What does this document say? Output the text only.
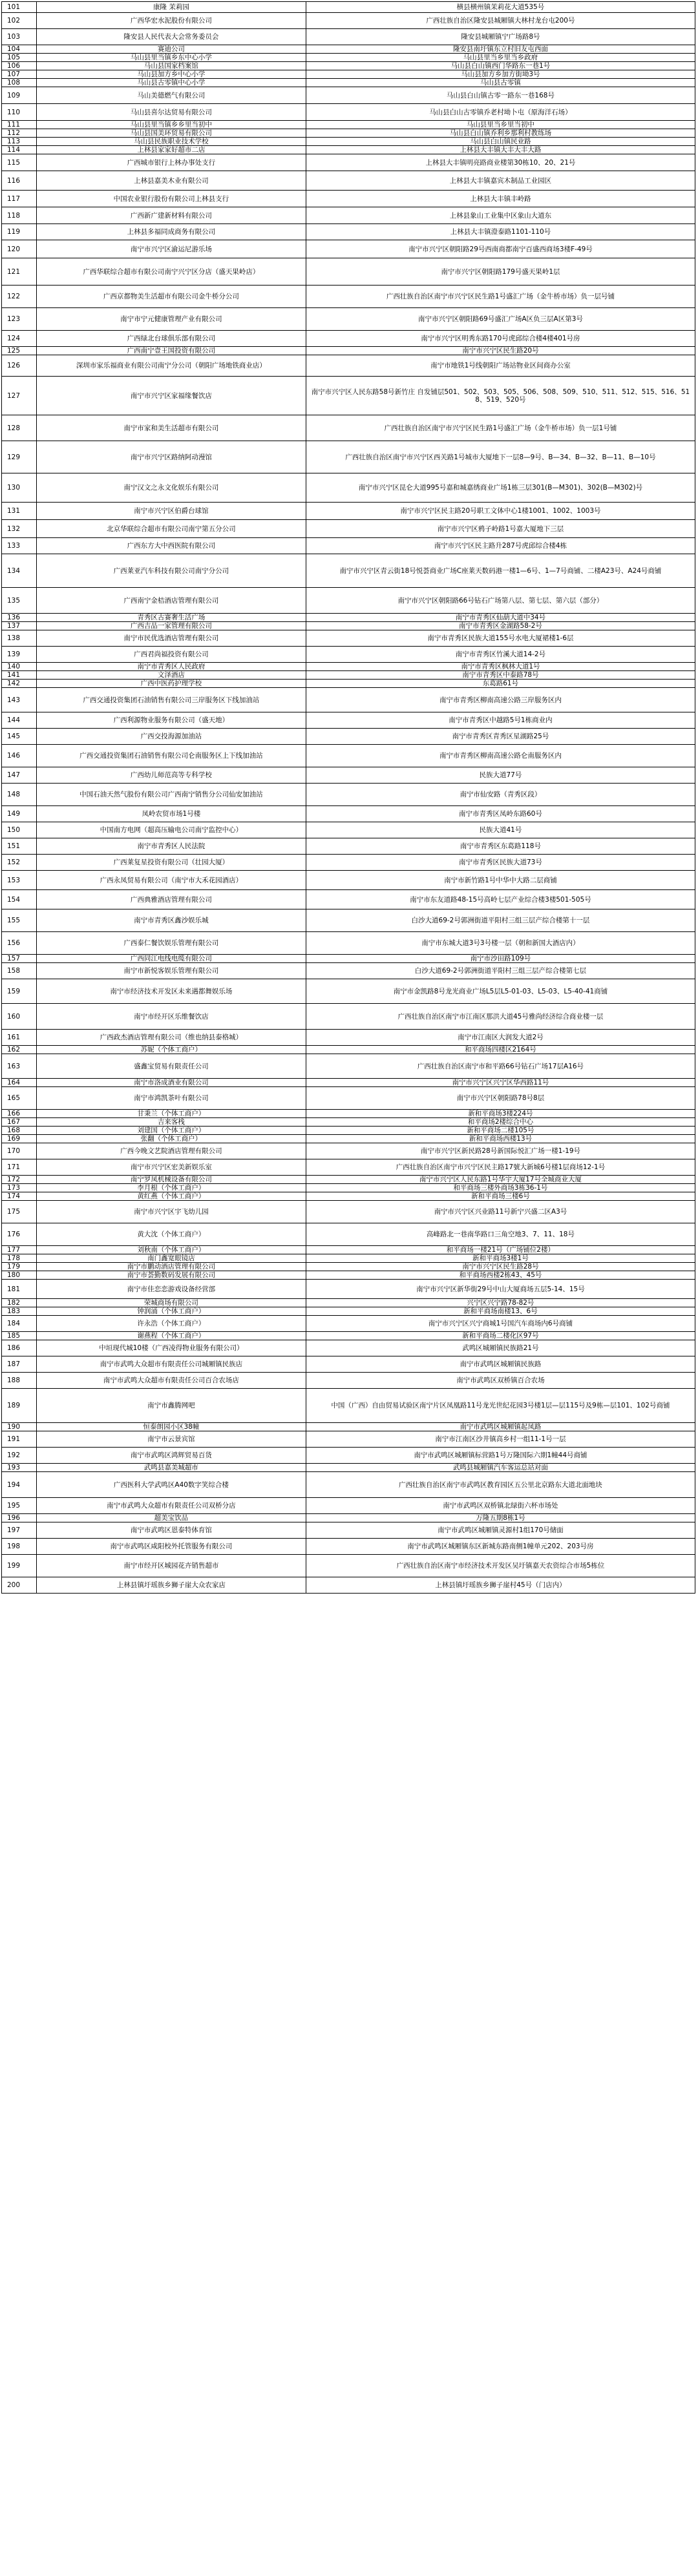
101	康隆 茉莉园	横县横州镇茉莉花大道535号
102	广西华宏水泥股份有限公司	广西壮族自治区隆安县城厢镇大林村龙台屯200号
103	隆安县人民代表大会常务委员会	隆安县城厢镇宁广场路8号
104	赛迪公司	隆安县南圩镇东立村旧友屯西面
105	马山县里当镇乡东中心小学	马山县里当乡里当乡政府
106	马山县国家档案馆	马山县白山镇西门华路东一巷1号
107	马山县加方乡中心小学	马山县加方乡加方街坳3号
108	马山县古零镇中心小学	马山县古零镇
109	马山美德燃气有限公司	马山县白山镇古零一路东一巷168号
110	马山县喜尔达贸易有限公司	马山县白山古零镇乔老村坳卜屯（原海洋石场）
111	马山县里当镇乡乡里当初中	马山县里当乡里当初中
112	马山县国美环贸易有限公司	马山县白山镇乔利乡那利村教练场
113	马山县民族职业技术学校	马山县白山镇民业路
114	上林县家家好超市二店	上林县大丰镇大丰大丰大路
115	广西城市银行上林办事处支行	上林县大丰镇明亮路商业楼第30栋10、20、21号
116	上林县嘉美木业有限公司	上林县大丰镇嘉宾木制品工业园区
117	中国农业银行股份有限公司上林县支行	上林县大丰镇丰岭路
118	广西新广建新材料有限公司	上林县象山工业集中区象山大道东
119	上林县多福同成商务有限公司	上林县大丰镇澄泰路1101-110号
120	南宁市兴宁区渝运尼游乐场	南宁市兴宁区朝阳路29号西南商都南宁百盛西商场3楼F-49号
121	广西华联综合超市有限公司南宁兴宁区分店（盛天果岭店）	南宁市兴宁区朝阳路179号盛天果岭1层
122	广西京都物美生活超市有限公司金牛桥分公司	广西壮族自治区南宁市兴宁区民生路1号盛汇广场（金牛桥市场）负一层号铺
123	南宁市宁元健康管理产业有限公司	南宁市兴宁区朝阳路69号盛汇广场A区负三层A区第3号
124	广西绿北台球俱乐部有限公司	南宁市兴宁区明秀东路170号虎邱综合楼4楼401号房
125	广西南宁壹王国投资有限公司	南宁市兴宁区民生路20号
126	深圳市家乐福商业有限公司南宁分公司（朝阳广场地铁商业店）	南宁市地铁1号线朝阳广场站物业区间商办公室
127	南宁市兴宁区家福缘餐饮店	南宁市兴宁区人民东路58号新竹庄 自发铺层501、502、503、505、506、508、509、510、511、512、515、516、518、519、520号
128	南宁市家和美生活超市有限公司	广西壮族自治区南宁市兴宁区民生路1号盛汇广场（金牛桥市场）负一层1号铺
129	南宁市兴宁区路纳阿动漫馆	广西壮族自治区南宁市兴宁区西关路1号城市大厦地下一层8—9号、B—34、B—32、B—11、B—10号
130	南宁汉文之永文化娱乐有限公司	南宁市兴宁区昆仑大道995号嘉和城嘉绣商业广场1栋三层301(B—M301)、302(B—M302)号
131	南宁市兴宁区伯爵台球馆	南宁市兴宁区民主路20号职工文体中心1楼1001、1002、1003号
132	北京华联综合超市有限公司南宁第五分公司	南宁市兴宁区鸦子岭路1号嘉大厦地下三层
133	广西东方大中西医院有限公司	南宁市兴宁区民主路升287号虎邱综合楼4栋
134	广西莱亚汽车科技有限公司南宁分公司	南宁市兴宁区青云街18号悦荟商业广场C座莱天数码港一楼1—6号、1—7号商铺、二楼A23号、A24号商铺
135	广西南宁金桔酒店管理有限公司	南宁市兴宁区朝阳路66号钻石广场第八层、第七层、第六层（部分）
136	青秀区古赛奢生活广场	南宁市青秀区仙葫大道中34号
137	广西吉品一家管理有限公司	南宁市青秀区金湖路58-2号
138	南宁市民优选酒店管理有限公司	南宁市青秀区民族大道155号水电大厦裙楼1-6层
139	广西君尚福投资有限公司	南宁市青秀区竹溪大道14-2号
140	南宁市青秀区人民政府	南宁市青秀区枫林大道1号
141	文泽酒店	南宁市青秀区中泰路78号
142	广西中医药护理学校	东葛路61号
143	广西交通投资集团石油销售有限公司三岸服务区下线加油站	南宁市青秀区柳南高速公路三岸服务区内
144	广西利源物业服务有限公司（盛天地）	南宁市青秀区中越路5号1栋商业内
145	广西交投海源加油站	南宁市青秀区青秀区星湖路25号
146	广西交通投资集团石油销售有限公司仑南服务区上下线加油站	南宁市青秀区柳南高速公路仑南服务区内
147	广西幼儿师范高等专科学校	民族大道77号
148	中国石油天然气股份有限公司广西南宁销售分公司仙安加油站	南宁市仙安路（青秀区段）
149	凤岭农贸市场1号楼	南宁市青秀区凤岭东路60号
150	中国南方电网（超高压输电公司南宁监控中心）	民族大道41号
151	南宁市青秀区人民法院	南宁市青秀区东葛路118号
152	广西莱复星投资有限公司（壮园大厦）	南宁市青秀区民族大道73号
153	广西永凤贸易有限公司（南宁市大禾花园酒店）	南宁市新竹路1号中华中大路二层商铺
154	广西典雅酒店管理有限公司	南宁市东友道路48-15号高岭七层产业综合楼3楼501-505号
155	南宁市青秀区鑫沙娱乐城	白沙大道69-2号郭洲街道平阳村三组三层产综合楼第十一层
156	广西泰仁餐饮娱乐管理有限公司	南宁市东城大道3号3号楼一层（朝和新国大酒店内）
157	广西同江电线电缆有限公司	南宁市沙田路109号
158	南宁市新悦客娱乐管理有限公司	白沙大道69-2号郭洲街道平阳村三组三层产综合楼第七层
159	南宁市经济技术开发区未来遇都舞娱乐场	南宁市金凯路8号龙光商业广场L5层L5-01-03、L5-03、L5-40-41商铺
160	南宁市经开区乐维餐饮店	广西壮族自治区南宁市江南区那洪大道45号雅尚经济综合商业楼一层
161	广西政杰酒店管理有限公司（维也纳县泰格城）	南宁市江南区大润发大道2号
162	苏妮（个体工商户）	和平商场四楼区2164号
163	盛鑫宝贸易有限责任公司	广西壮族自治区南宁市和平路66号钻石广场17层A16号
164	南宁市洛成酒业有限公司	南宁市兴宁区兴宁区华西路11号
165	南宁市鸿凯茶叶有限公司	南宁市兴宁区朝阳路78号8层
166	甘秉兰（个体工商户）	新和平商场3楼224号
167	吉来客栈	和平商场2楼综合中心
168	刘建国（个体工商户）	新和平商场二楼105号
169	张翻（个体工商户）	新和平商场西楼13号
170	广西今晚文艺院酒店管理有限公司	南宁市兴宁区新民路28号新国际悦汇广场一楼1-19号
171	南宁市兴宁区宏美新娱乐室	广西壮族自治区南宁市兴宁区民主路17號大新城6号楼1层商场12-1号
172	南宁罗凤机械设备有限公司	南宁市兴宁区人民东路1号华宇大厦17号全城商业大厦
173	李月根（个体工商户）	和平商场三楼外商场3栋36-1号
174	黄红燕（个体工商户）	新和平商场三楼6号
175	南宁市兴宁区宇飞幼儿园	南宁市兴宁区兴业路11号新宁兴盛二区A3号
176	黄大沈（个体工商户）	高峰路北一巷南华路口三角空地3、7、11、18号
177	刘秋南（个体工商户）	和平商场一楼21号（广场铺位2楼）
178	南门鑫宽眼镜店	新和平商场3楼1号
179	南宁市鹏动酒店管理有限公司	南宁市兴宁区民生路28号
180	南宁市荟勤数码发展有限公司	和平商场西楼2栋43、45号
181	南宁市佳恋恋游戏设备经营部	南宁市兴宁区新华街29号中山大厦商场五层5-14、15号
182	荣城商场有限公司	兴宁区兴宁路78-82号
183	钟润涌（个体工商户）	新和平商场南楼13、6号
184	许永浩（个体工商户）	南宁市兴宁区兴宁商城1号国汽车商场内6号商铺
185	谢燕程（个体工商户）	新和平商场二楼化区97号
186	中垣现代城10楼（广西凌得物业服务有限公司）	武鸣区城厢镇民族路21号
187	南宁市武鸣大众超市有限责任公司城厢镇民族店	南宁市武鸣区城厢镇民族路
188	南宁市武鸣大众超市有限责任公司百合农场店	南宁市武鸣区双桥镇百合农场
189	南宁市鑫腾网吧	中国（广西）自由贸易试验区南宁片区凤凰路11号龙光世纪花园3号楼1层—层115号及9栋—层101、102号商铺
190	恒泰朗园小区38幢	南宁市武鸣区城厢镇起凤路
191	南宁市云景宾馆	南宁市江南区沙井镇高乡村一组11-1号一层
192	南宁市武鸣区鸿辉贸易百货	南宁市武鸣区城厢镇标营路1号万隆国际六期1幢44号商铺
193	武鸣县嘉美城超市	武鸣县城厢镇汽车客运总站对面
194	广西医科大学武鸣区A40数字笑综合楼	广西壮族自治区南宁市武鸣区教育园区五公里北京路东大道北面地块
195	南宁市武鸣大众超市有限责任公司双桥分店	南宁市武鸣区双桥镇北绿街六杯市场处
196	超美宝饮品	万隆五期8栋1号
197	南宁市武鸣区恩泰特体育馆	南宁市武鸣区城厢镇灵源村1组170号储面
198	南宁市武鸣区咸阳校外托管服务有限公司	南宁市武鸣区城厢镇东区新城东路南侧1幢单元202、203号房
199	南宁市经开区城园花卉销售超市	广西壮族自治区南宁市经济技术开发区吴圩镇嘉天农资综合市场5栋位
200	上林县镇圩瑶族乡狮子崖大众农家店	上林县镇圩瑶族乡狮子崖村45号（门店内）
